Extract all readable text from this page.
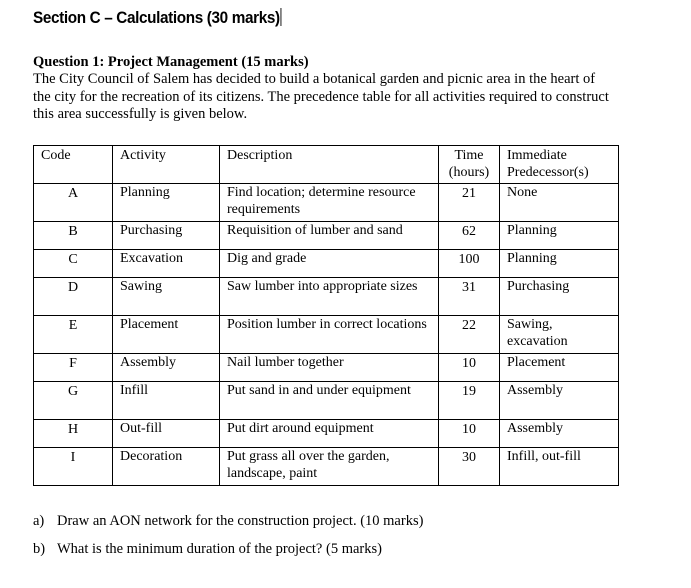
Section C – Calculations (30 marks)
Question 1: Project Management (15 marks)
The City Council of Salem has decided to build a botanical garden and picnic area in the heart of
the city for the recreation of its citizens. The precedence table for all activities required to construct
this area successfully is given below.
Code	Activity	Description	Time (hours)	Immediate Predecessor(s)
A	Planning	Find location; determine resource requirements	21	None
B	Purchasing	Requisition of lumber and sand	62	Planning
C	Excavation	Dig and grade	100	Planning
D	Sawing	Saw lumber into appropriate sizes	31	Purchasing
E	Placement	Position lumber in correct locations	22	Sawing, excavation
F	Assembly	Nail lumber together	10	Placement
G	Infill	Put sand in and under equipment	19	Assembly
H	Out-fill	Put dirt around equipment	10	Assembly
I	Decoration	Put grass all over the garden, landscape, paint	30	Infill, out-fill
a) Draw an AON network for the construction project. (10 marks)
b) What is the minimum duration of the project? (5 marks)
